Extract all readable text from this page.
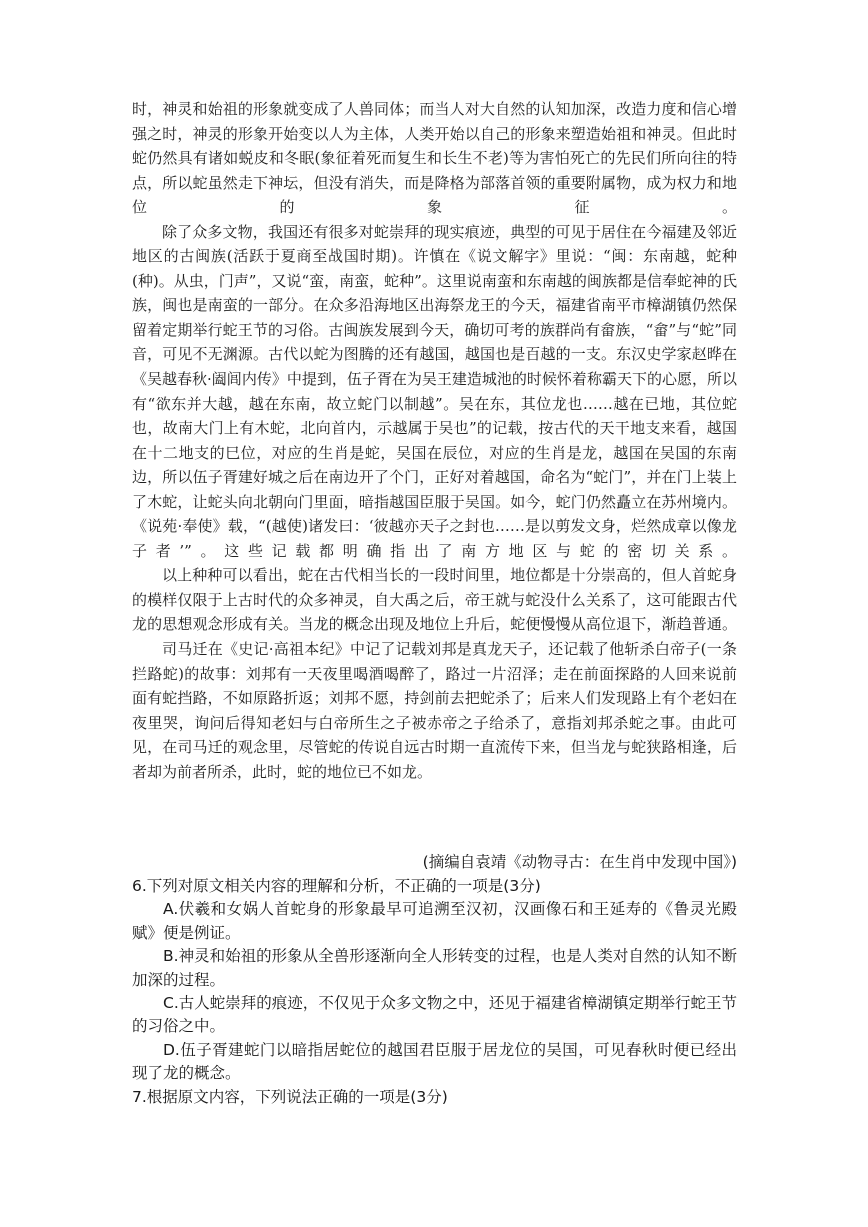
时，神灵和始祖的形象就变成了人兽同体；而当人对大自然的认知加深，改造力度和信心增强之时，神灵的形象开始变以人为主体，人类开始以自己的形象来塑造始祖和神灵。但此时蛇仍然具有诸如蜕皮和冬眠(象征着死而复生和长生不老)等为害怕死亡的先民们所向往的特点，所以蛇虽然走下神坛，但没有消失，而是降格为部落首领的重要附属物，成为权力和地位的象征。

除了众多文物，我国还有很多对蛇崇拜的现实痕迹，典型的可见于居住在今福建及邻近地区的古闽族(活跃于夏商至战国时期)。许慎在《说文解字》里说：“闽：东南越，蛇种(种)。从虫，门声”，又说“蛮，南蛮，蛇种”。这里说南蛮和东南越的闽族都是信奉蛇神的氏族，闽也是南蛮的一部分。在众多沿海地区出海祭龙王的今天，福建省南平市樟湖镇仍然保留着定期举行蛇王节的习俗。古闽族发展到今天，确切可考的族群尚有畲族，“畲”与“蛇”同音，可见不无渊源。古代以蛇为图腾的还有越国，越国也是百越的一支。东汉史学家赵晔在《吴越春秋·阖闾内传》中提到，伍子胥在为吴王建造城池的时候怀着称霸天下的心愿，所以有“欲东并大越，越在东南，故立蛇门以制越”。吴在东，其位龙也……越在已地，其位蛇也，故南大门上有木蛇，北向首内，示越属于吴也”的记载，按古代的天干地支来看，越国在十二地支的巳位，对应的生肖是蛇，吴国在辰位，对应的生肖是龙，越国在吴国的东南边，所以伍子胥建好城之后在南边开了个门，正好对着越国，命名为“蛇门”，并在门上装上了木蛇，让蛇头向北朝向门里面，暗指越国臣服于吴国。如今，蛇门仍然矗立在苏州境内。《说苑·奉使》载，“(越使)诸发曰：‘彼越亦天子之封也……是以剪发文身，烂然成章以像龙子者’”。这些记载都明确指出了南方地区与蛇的密切关系。

以上种种可以看出，蛇在古代相当长的一段时间里，地位都是十分崇高的，但人首蛇身的模样仅限于上古时代的众多神灵，自大禹之后，帝王就与蛇没什么关系了，这可能跟古代龙的思想观念形成有关。当龙的概念出现及地位上升后，蛇便慢慢从高位退下，渐趋普通。

司马迁在《史记·高祖本纪》中记了记载刘邦是真龙天子，还记载了他斩杀白帝子(一条拦路蛇)的故事：刘邦有一天夜里喝酒喝醉了，路过一片沼泽；走在前面探路的人回来说前面有蛇挡路，不如原路折返；刘邦不愿，持剑前去把蛇杀了；后来人们发现路上有个老妇在夜里哭，询问后得知老妇与白帝所生之子被赤帝之子给杀了，意指刘邦杀蛇之事。由此可见，在司马迁的观念里，尽管蛇的传说自远古时期一直流传下来，但当龙与蛇狭路相逢，后者却为前者所杀，此时，蛇的地位已不如龙。

(摘编自袁靖《动物寻古：在生肖中发现中国》)

6.下列对原文相关内容的理解和分析，不正确的一项是(3分)

A.伏羲和女娲人首蛇身的形象最早可追溯至汉初，汉画像石和王延寿的《鲁灵光殿赋》便是例证。

B.神灵和始祖的形象从全兽形逐渐向全人形转变的过程，也是人类对自然的认知不断加深的过程。

C.古人蛇崇拜的痕迹，不仅见于众多文物之中，还见于福建省樟湖镇定期举行蛇王节的习俗之中。

D.伍子胥建蛇门以暗指居蛇位的越国君臣服于居龙位的吴国，可见春秋时便已经出现了龙的概念。

7.根据原文内容，下列说法正确的一项是(3分)
